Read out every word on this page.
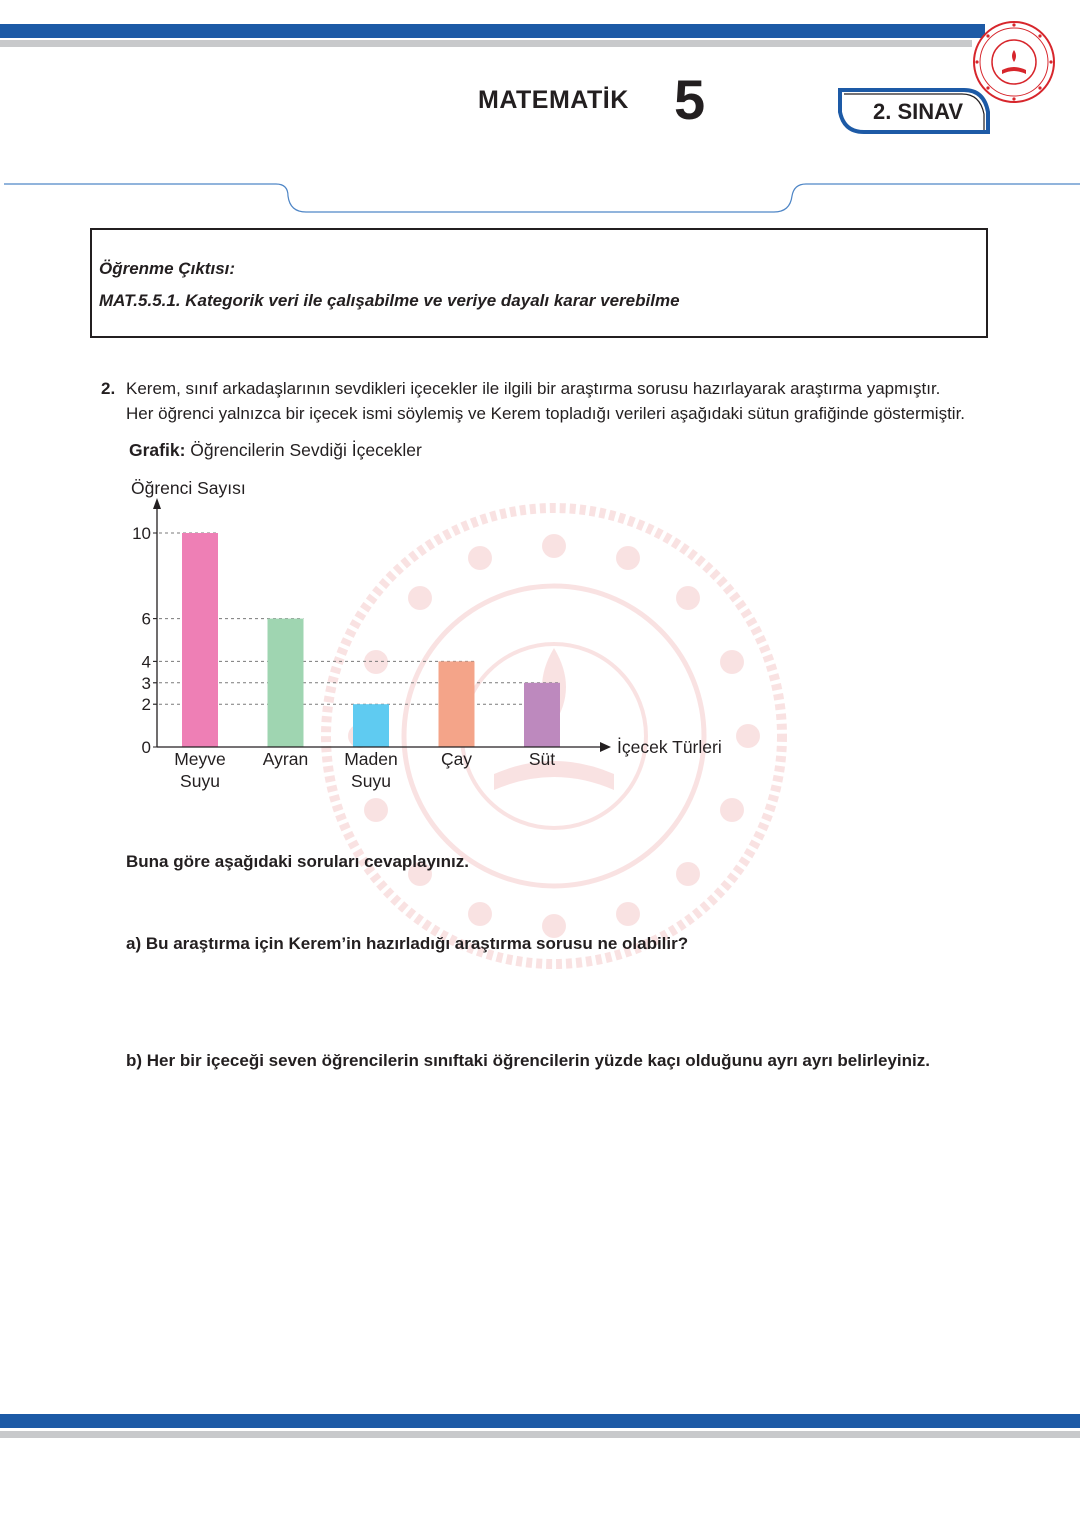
MATEMATİK 5	2. SINAV
Öğrenme Çıktısı:
MAT.5.5.1. Kategorik veri ile çalışabilme ve veriye dayalı karar verebilme
2. Kerem, sınıf arkadaşlarının sevdikleri içecekler ile ilgili bir araştırma sorusu hazırlayarak araştırma yapmıştır.
Her öğrenci yalnızca bir içecek ismi söylemiş ve Kerem topladığı verileri aşağıdaki sütun grafiğinde göstermiştir.
Grafik: Öğrencilerin Sevdiği İçecekler
Öğrenci Sayısı
İçecek Türleri
0
2
3
4
6
10
Meyve
Suyu
Ayran Maden
Suyu
Çay	Süt
Buna göre aşağıdaki soruları cevaplayınız.
a) Bu araştırma için Kerem’in hazırladığı araştırma sorusu ne olabilir?
b) Her bir içeceği seven öğrencilerin sınıftaki öğrencilerin yüzde kaçı olduğunu ayrı ayrı belirleyiniz.
